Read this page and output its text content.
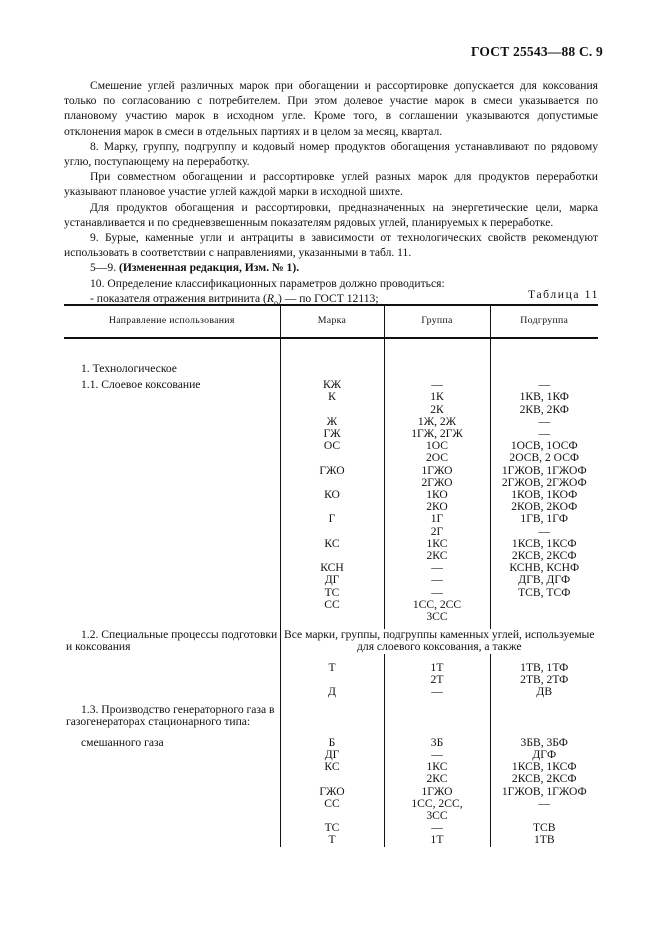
ГОСТ 25543—88 С. 9

Смешение углей различных марок при обогащении и рассортировке допускается для коксования только по согласованию с потребителем. При этом долевое участие марок в смеси указывается по плановому участию марок в исходном угле. Кроме того, в соглашении указываются допустимые отклонения марок в смеси в отдельных партиях и в целом за месяц, квартал.

8. Марку, группу, подгруппу и кодовый номер продуктов обогащения устанавливают по рядовому углю, поступающему на переработку.

При совместном обогащении и рассортировке углей разных марок для продуктов переработки указывают плановое участие углей каждой марки в исходной шихте.

Для продуктов обогащения и рассортировки, предназначенных на энергетические цели, марка устанавливается и по средневзвешенным показателям рядовых углей, планируемых к переработке.

9. Бурые, каменные угли и антрациты в зависимости от технологических свойств рекомендуют использовать в соответствии с направлениями, указанными в табл. 11.

5—9. (Измененная редакция, Изм. № 1).

10. Определение классификационных параметров должно проводиться:

- показателя отражения витринита $(R_o)$ — по ГОСТ 12113;	Таблица 11
Направление использования	Марка	Группа	Подгруппа

1. Технологическое			

1.1. Слоевое коксование	КЖ	—	—
	К	1К	1КВ, 1КФ
		2К	2КВ, 2КФ
	Ж	1Ж, 2Ж	—
	ГЖ	1ГЖ, 2ГЖ	—
	ОС	1ОС	1ОСВ, 1ОСФ
		2ОС	2ОСВ, 2 ОСФ
	ГЖО	1ГЖО	1ГЖОВ, 1ГЖОФ
		2ГЖО	2ГЖОВ, 2ГЖОФ
	КО	1КО	1КОВ, 1КОФ
		2КО	2КОВ, 2КОФ
	Г	1Г	1ГВ, 1ГФ
		2Г	—
	КС	1КС	1КСВ, 1КСФ
		2КС	2КСВ, 2КСФ
	КСН	—	КСНВ, КСНФ
	ДГ	—	ДГВ, ДГФ
	ТС	—	ТСВ, ТСФ
	СС	1СС, 2СС	
		3СС	

1.2. Специальные процессы подготовки	Все марки, группы, подгруппы каменных углей, используемые		
и коксования	для слоевого коксования, а также		

	Т	1Т	1ТВ, 1ТФ
		2Т	2ТВ, 2ТФ
	Д	—	ДВ

1.3. Производство генераторного газа в			
газогенераторах стационарного типа:			

смешанного газа	Б	3Б	3БВ, 3БФ
	ДГ	—	ДГФ
	КС	1КС	1КСВ, 1КСФ
		2КС	2КСВ, 2КСФ
	ГЖО	1ГЖО	1ГЖОВ, 1ГЖОФ
	СС	1СС, 2СС,	—
		3СС	
	ТС	—	ТСВ
	Т	1Т	1ТВ
